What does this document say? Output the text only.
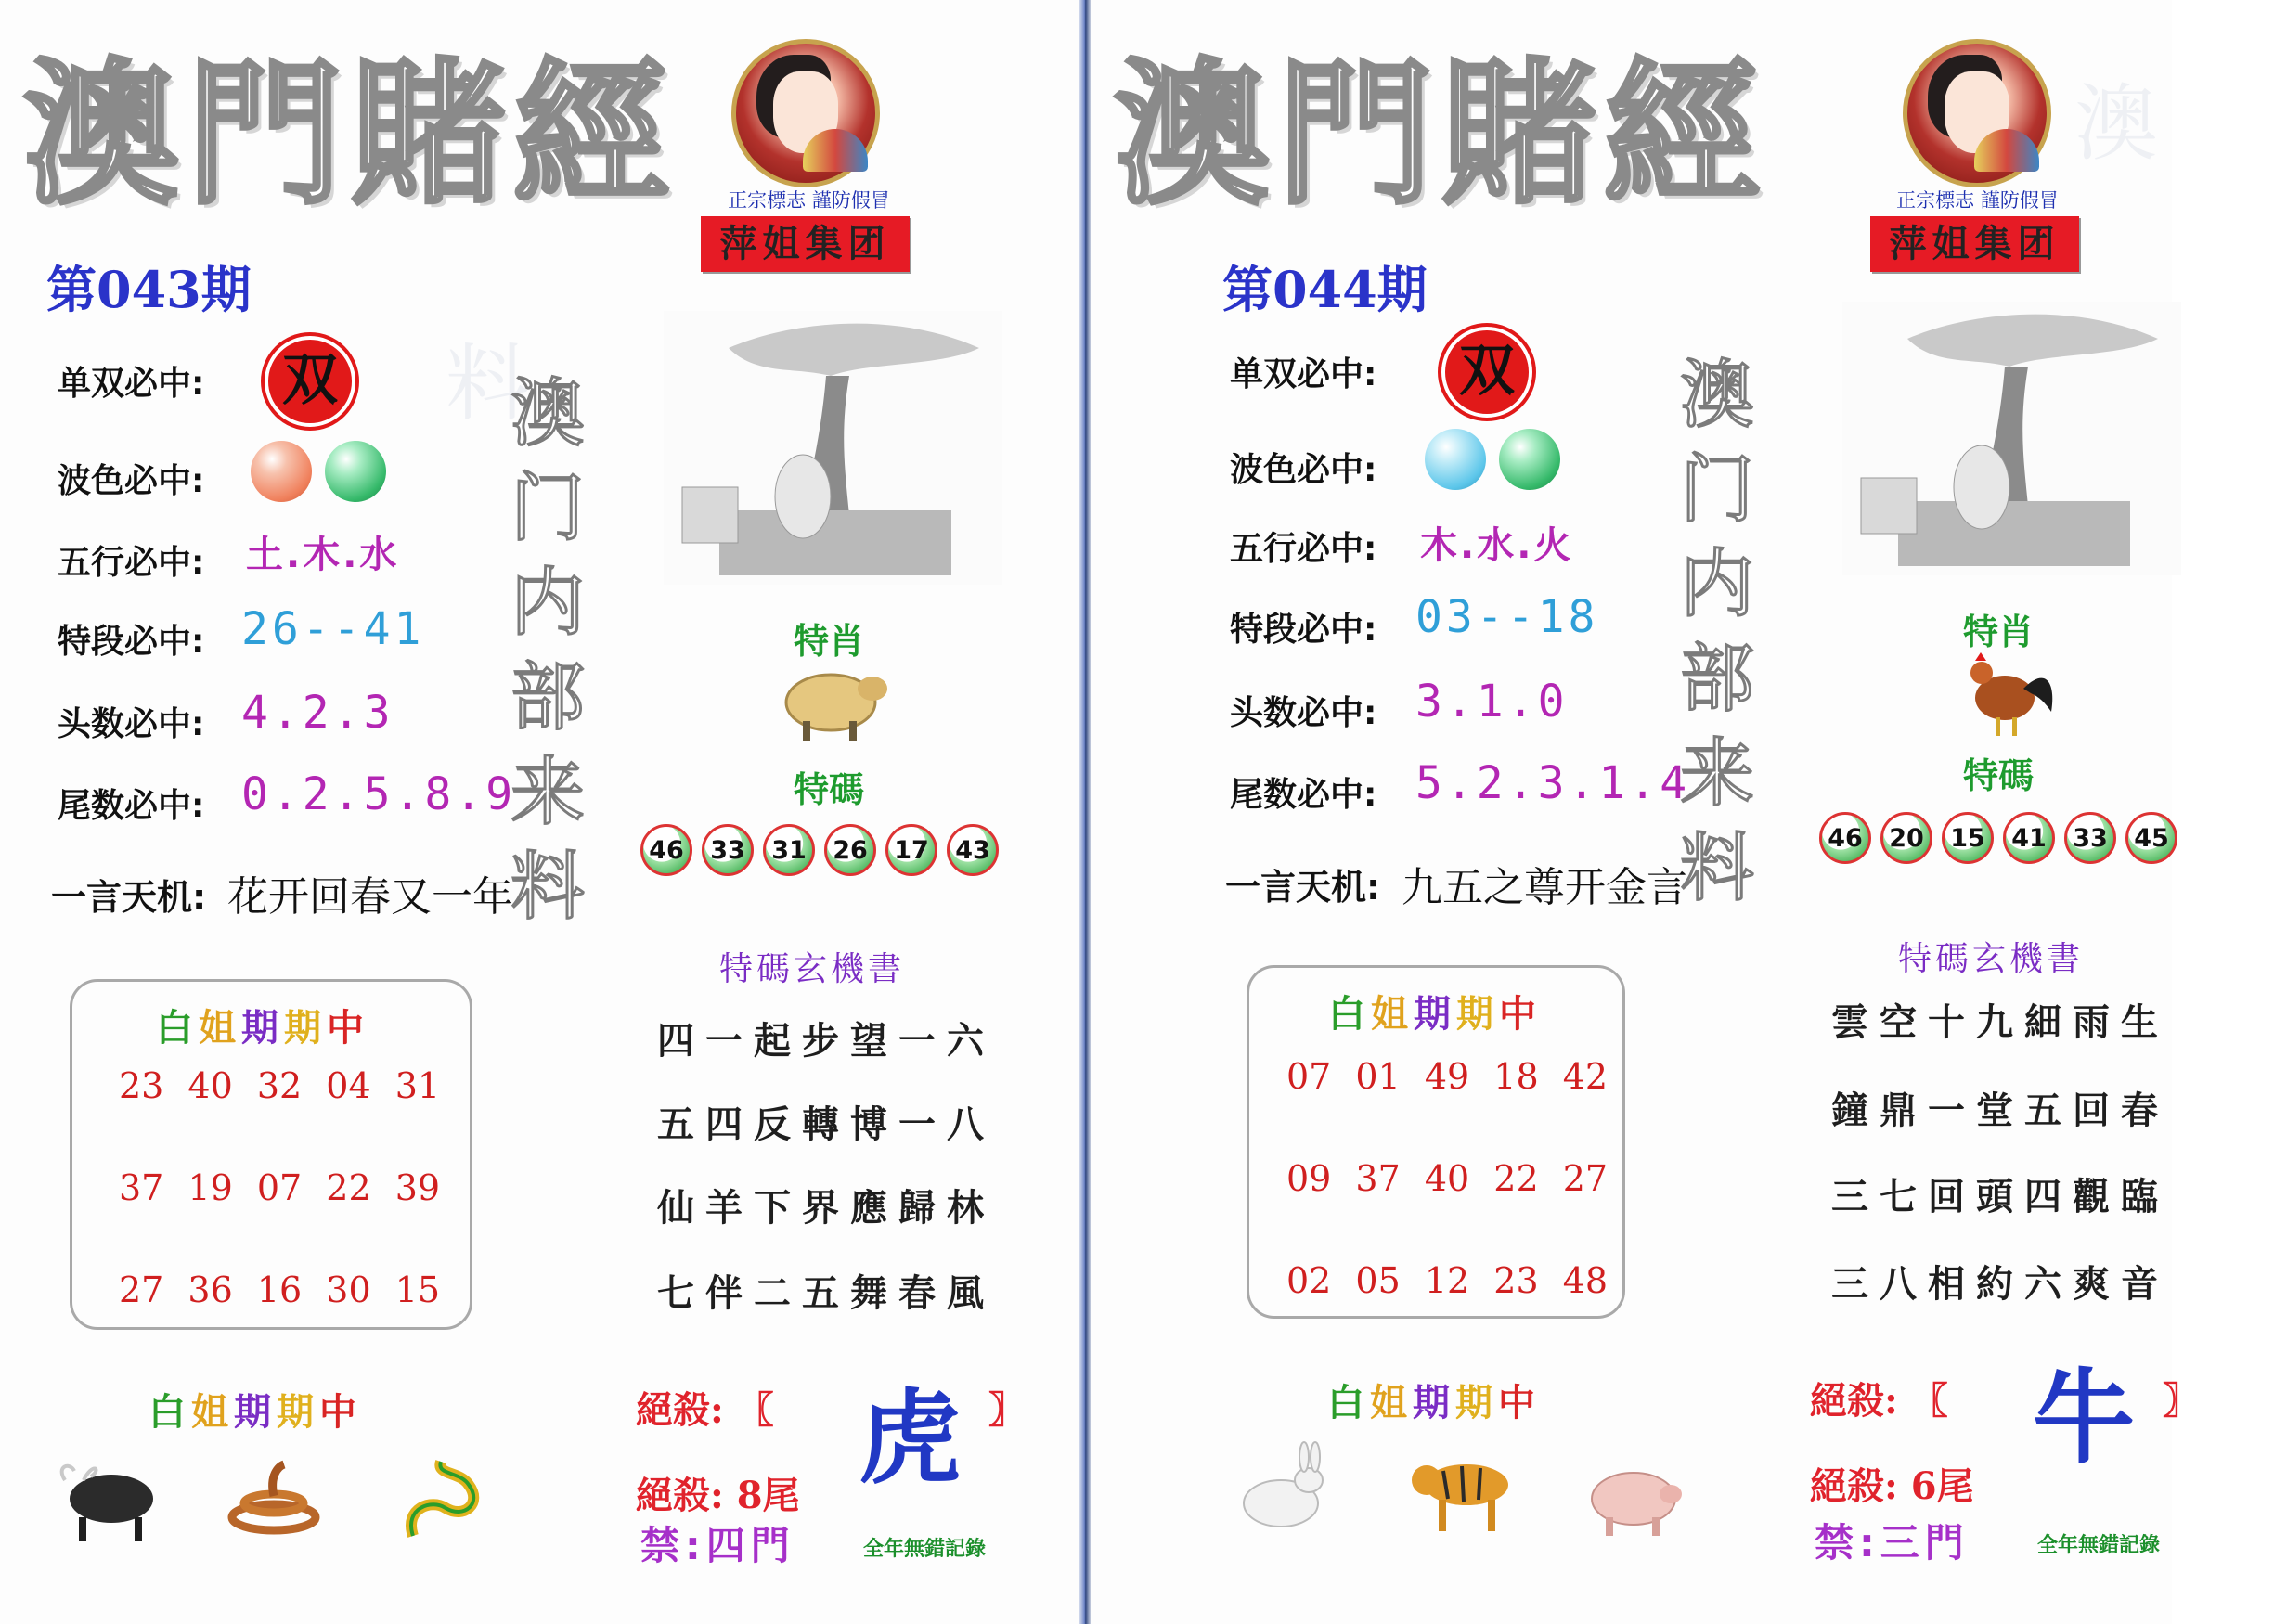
料
澳門賭經	正宗標志 謹防假冒
萍姐集团
第043期
单双必中:	双
波色必中:
五行必中: 土.木.水
特段必中: 26--41
头数必中: 4.2.3
尾数必中: 0.2.5.8.9
澳门内部来料
特肖
特碼
46	33	31	26	17	43
一言天机: 花开回春又一年
白姐期期中
23 40 32 04 31
37 19 07 22 39
27 36 16 30 15
特碼玄機書
四一起步望一六
五四反轉博一八
仙羊下界應歸林
七伴二五舞春風
絕殺: 〖	〗
虎
絕殺: 8尾
禁:四門	全年無錯記錄
白姐期期中
澳
澳門賭經	正宗標志 謹防假冒
萍姐集团
第044期
单双必中:	双
波色必中:
五行必中: 木.水.火
特段必中: 03--18
头数必中: 3.1.0
尾数必中: 5.2.3.1.4
澳门内部来料
特肖
特碼
46	20	15	41	33	45
一言天机: 九五之尊开金言
白姐期期中
07 01 49 18 42
09 37 40 22 27
02 05 12 23 48
特碼玄機書
雲空十九細雨生
鐘鼎一堂五回春
三七回頭四觀臨
三八相約六爽音
絕殺: 〖	〗
牛
絕殺: 6尾
禁:三門	全年無錯記錄
白姐期期中
